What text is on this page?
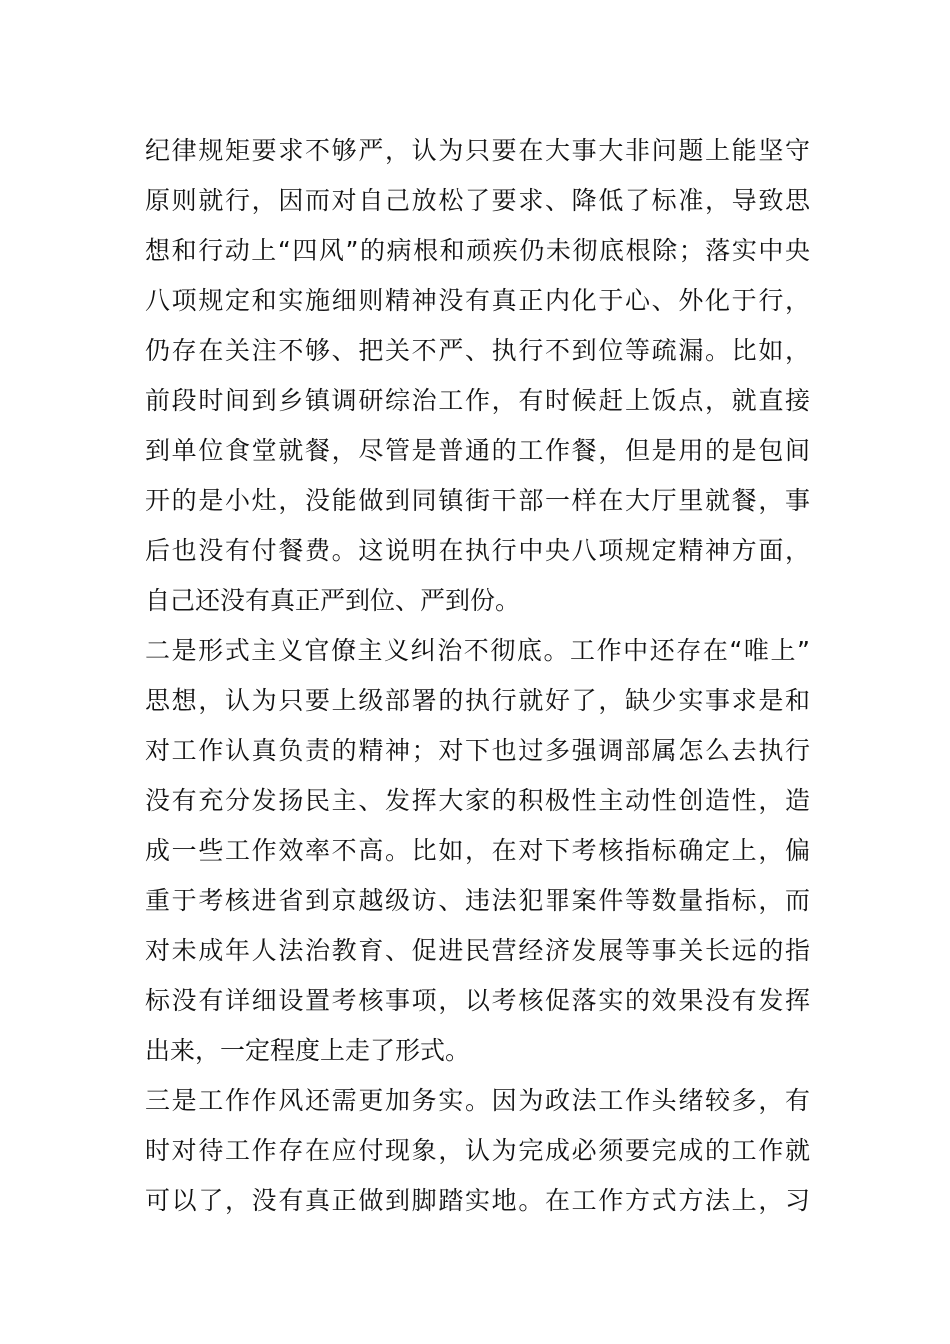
纪律规矩要求不够严，认为只要在大事大非问题上能坚守
原则就行，因而对自己放松了要求、降低了标准，导致思
想和行动上“四风”的病根和顽疾仍未彻底根除；落实中央
八项规定和实施细则精神没有真正内化于心、外化于行，
仍存在关注不够、把关不严、执行不到位等疏漏。比如，
前段时间到乡镇调研综治工作，有时候赶上饭点，就直接
到单位食堂就餐，尽管是普通的工作餐，但是用的是包间
开的是小灶，没能做到同镇街干部一样在大厅里就餐，事
后也没有付餐费。这说明在执行中央八项规定精神方面，
自己还没有真正严到位、严到份。
二是形式主义官僚主义纠治不彻底。工作中还存在“唯上”
思想，认为只要上级部署的执行就好了，缺少实事求是和
对工作认真负责的精神；对下也过多强调部属怎么去执行
没有充分发扬民主、发挥大家的积极性主动性创造性，造
成一些工作效率不高。比如，在对下考核指标确定上，偏
重于考核进省到京越级访、违法犯罪案件等数量指标，而
对未成年人法治教育、促进民营经济发展等事关长远的指
标没有详细设置考核事项，以考核促落实的效果没有发挥
出来，一定程度上走了形式。
三是工作作风还需更加务实。因为政法工作头绪较多，有
时对待工作存在应付现象，认为完成必须要完成的工作就
可以了，没有真正做到脚踏实地。在工作方式方法上，习
